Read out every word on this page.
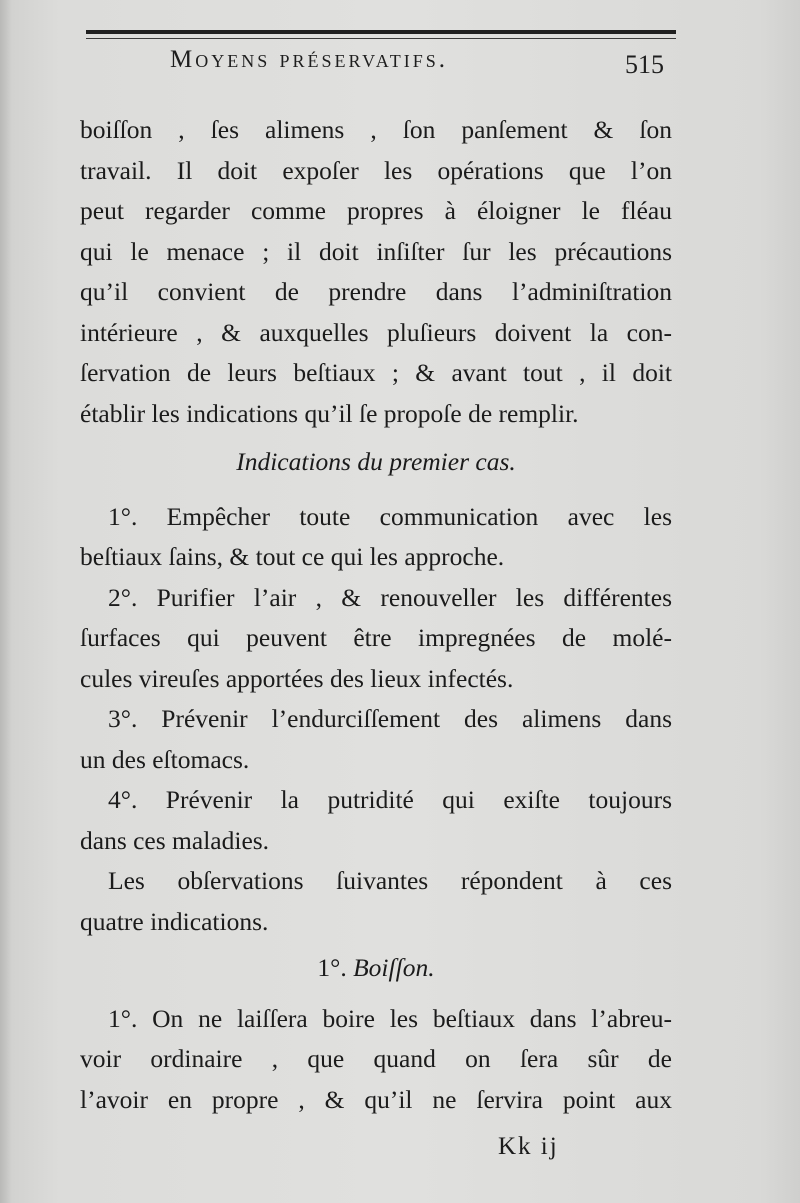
Moyens préservatifs.	515
boiſſon , ſes alimens , ſon panſement & ſon
travail. Il doit expoſer les opérations que l’on
peut regarder comme propres à éloigner le fléau
qui le menace ; il doit inſiſter ſur les précautions
qu’il convient de prendre dans l’adminiſtration
intérieure , & auxquelles pluſieurs doivent la con-
ſervation de leurs beſtiaux ; & avant tout , il doit
établir les indications qu’il ſe propoſe de remplir.
Indications du premier cas.
1°. Empêcher toute communication avec les
beſtiaux ſains, & tout ce qui les approche.
2°. Purifier l’air , & renouveller les différentes
ſurfaces qui peuvent être impregnées de molé-
cules vireuſes apportées des lieux infectés.
3°. Prévenir l’endurciſſement des alimens dans
un des eſtomacs.
4°. Prévenir la putridité qui exiſte toujours
dans ces maladies.
Les obſervations ſuivantes répondent à ces
quatre indications.
1°. Boiſſon.
1°. On ne laiſſera boire les beſtiaux dans l’abreu-
voir ordinaire , que quand on ſera sûr de
l’avoir en propre , & qu’il ne ſervira point aux
Kk ij
